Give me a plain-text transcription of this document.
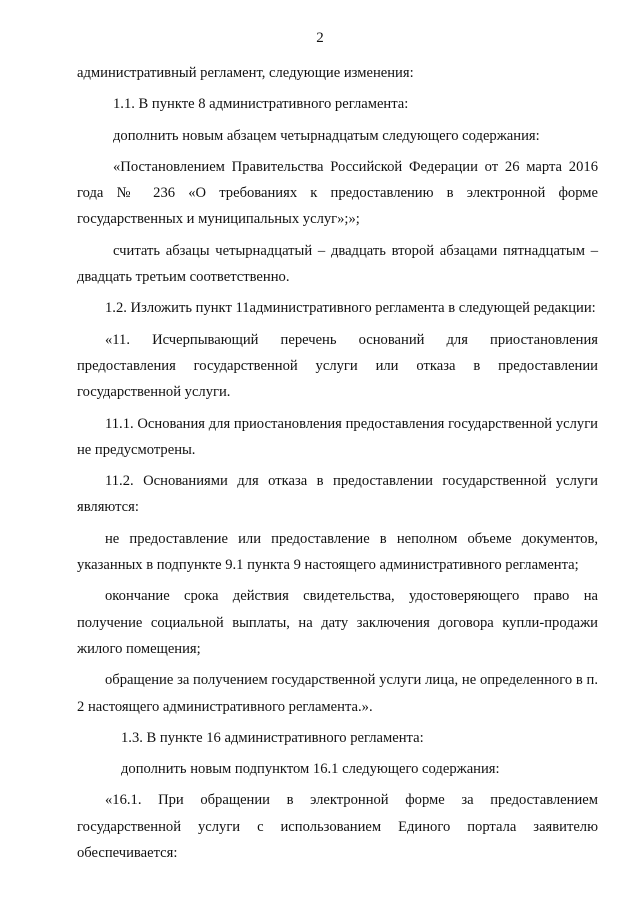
2

административный регламент, следующие изменения:

1.1. В пункте 8 административного регламента:

дополнить новым абзацем четырнадцатым следующего содержания:

«Постановлением Правительства Российской Федерации от 26 марта 2016 года № 236 «О требованиях к предоставлению в электронной форме государственных и муниципальных услуг»;»;

считать абзацы четырнадцатый – двадцать второй абзацами пятнадцатым – двадцать третьим соответственно.

1.2. Изложить пункт 11административного регламента в следующей редакции:

«11. Исчерпывающий перечень оснований для приостановления предоставления государственной услуги или отказа в предоставлении государственной услуги.

11.1. Основания для приостановления предоставления государственной услуги не предусмотрены.

11.2. Основаниями для отказа в предоставлении государственной услуги являются:

не предоставление или предоставление в неполном объеме документов, указанных в подпункте 9.1 пункта 9 настоящего административного регламента;

окончание срока действия свидетельства, удостоверяющего право на получение социальной выплаты, на дату заключения договора купли-продажи жилого помещения;

обращение за получением государственной услуги лица, не определенного в п. 2 настоящего административного регламента.».

1.3. В пункте 16 административного регламента:

дополнить новым подпунктом 16.1 следующего содержания:

«16.1. При обращении в электронной форме за предоставлением государственной услуги с использованием Единого портала заявителю обеспечивается:
